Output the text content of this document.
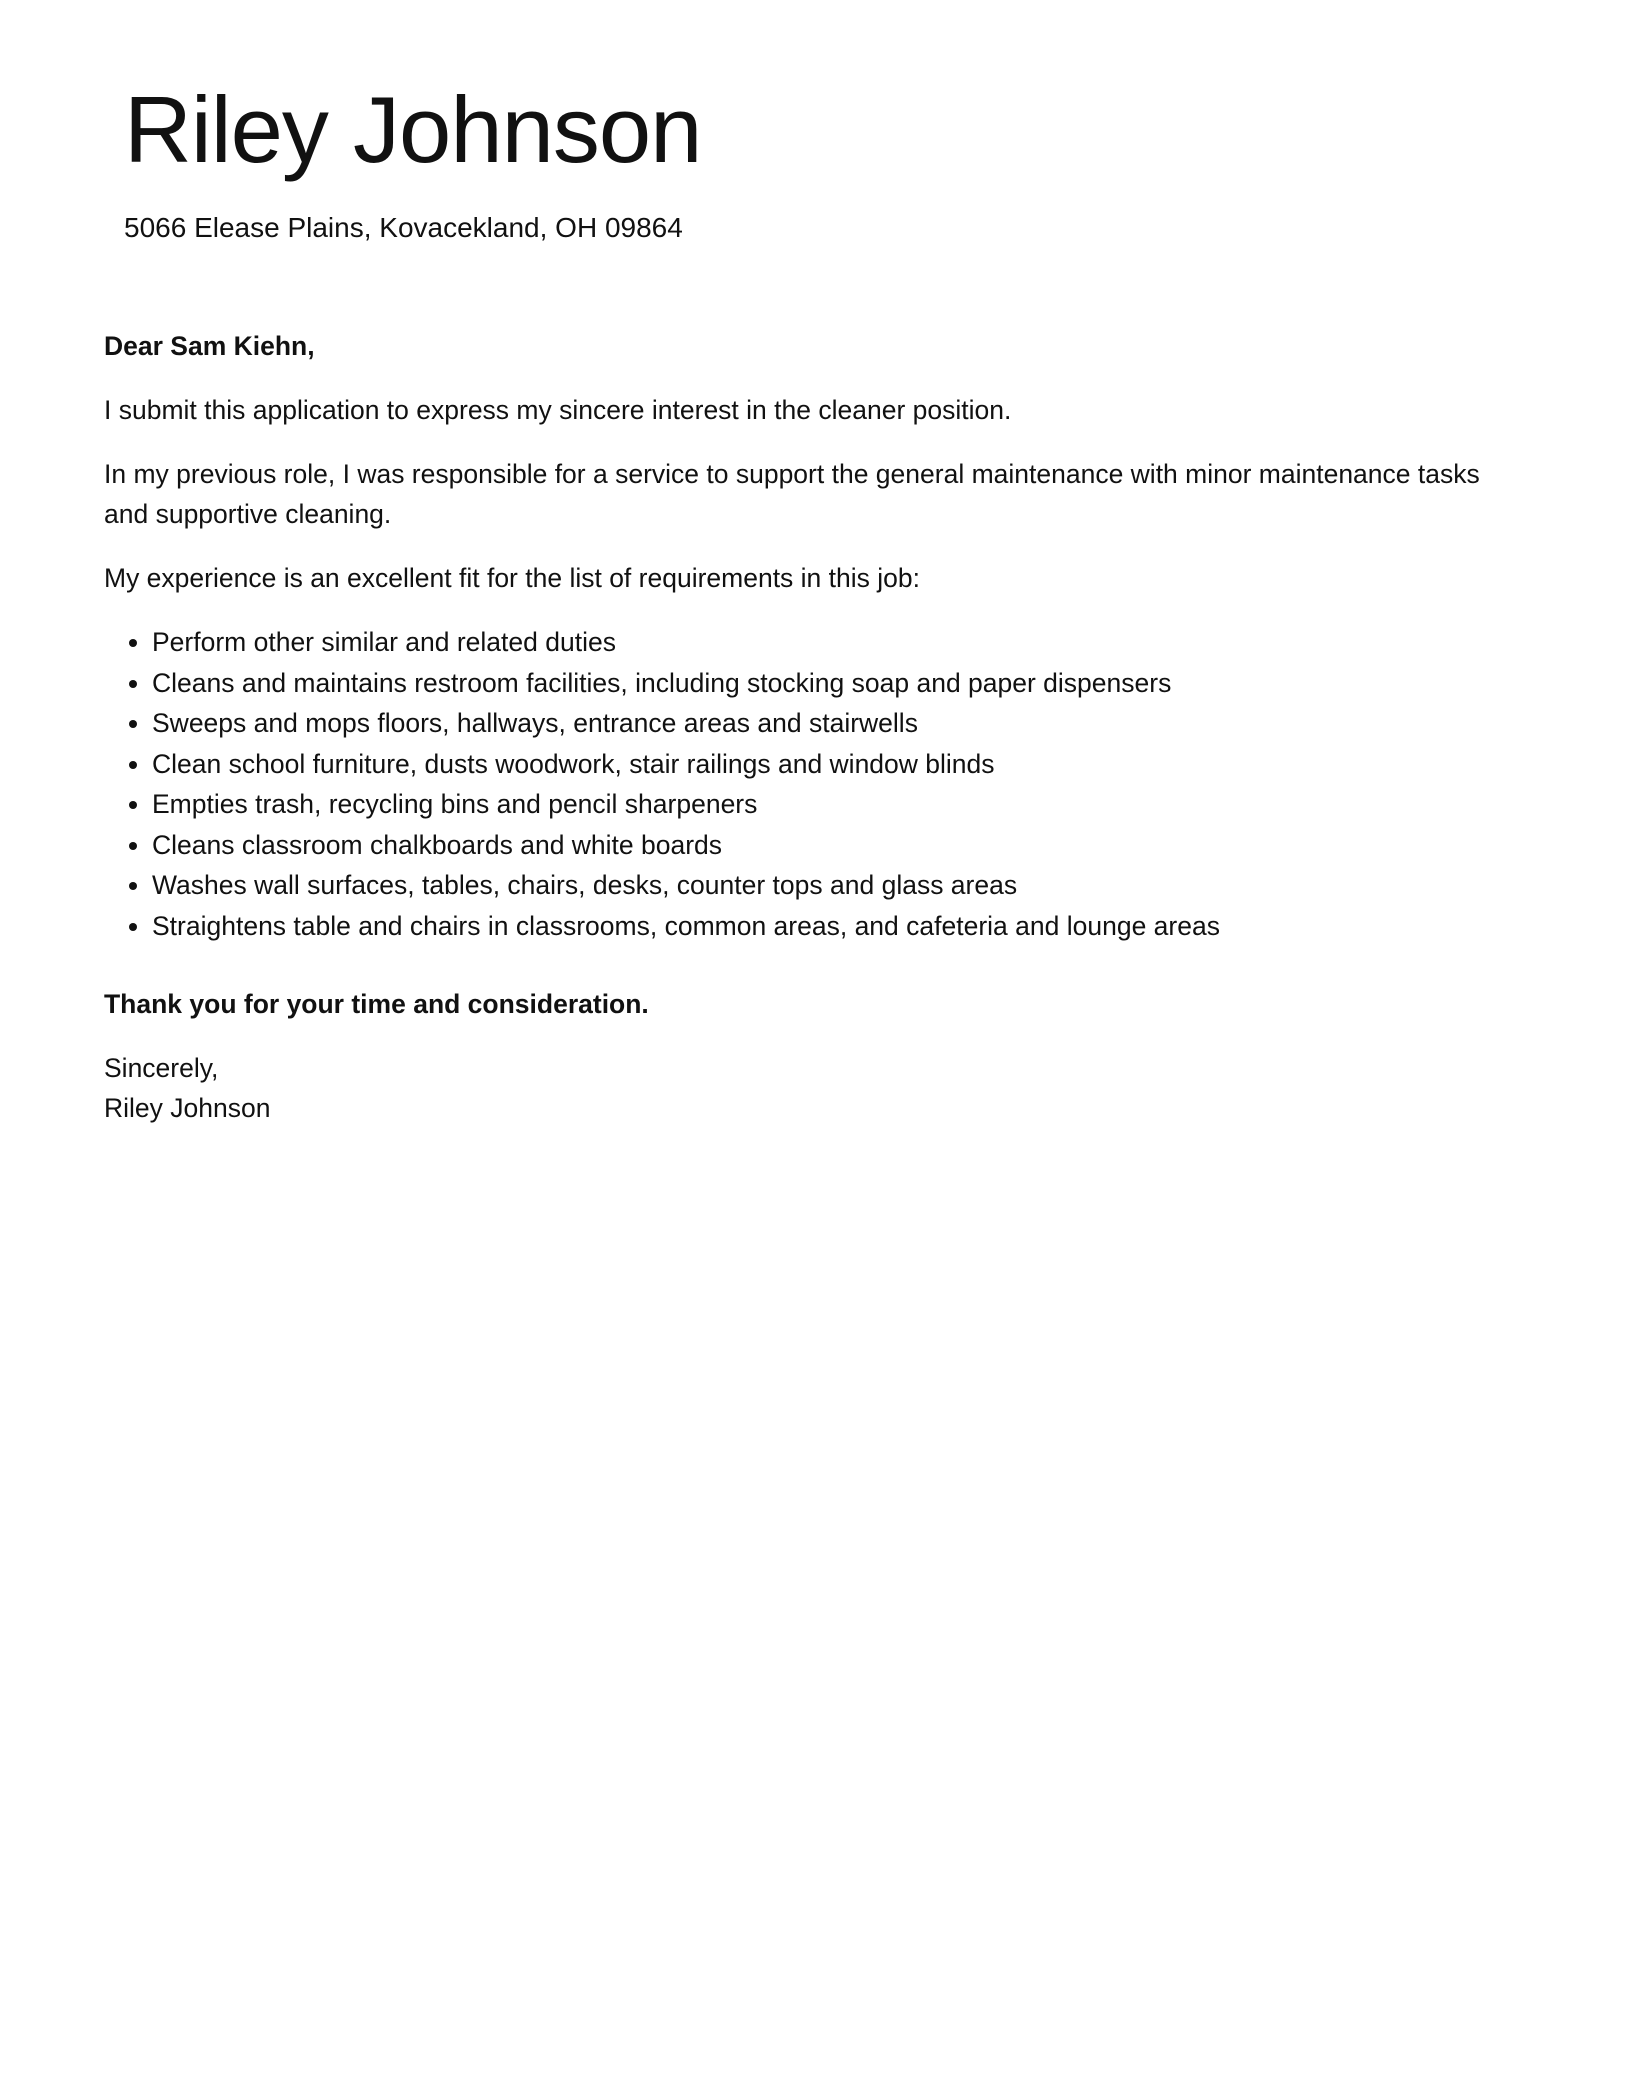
Riley Johnson
5066 Elease Plains, Kovacekland, OH 09864

Dear Sam Kiehn,

I submit this application to express my sincere interest in the cleaner position.

In my previous role, I was responsible for a service to support the general maintenance with minor maintenance tasks and supportive cleaning.

My experience is an excellent fit for the list of requirements in this job:

• Perform other similar and related duties
• Cleans and maintains restroom facilities, including stocking soap and paper dispensers
• Sweeps and mops floors, hallways, entrance areas and stairwells
• Clean school furniture, dusts woodwork, stair railings and window blinds
• Empties trash, recycling bins and pencil sharpeners
• Cleans classroom chalkboards and white boards
• Washes wall surfaces, tables, chairs, desks, counter tops and glass areas
• Straightens table and chairs in classrooms, common areas, and cafeteria and lounge areas

Thank you for your time and consideration.

Sincerely,
Riley Johnson
